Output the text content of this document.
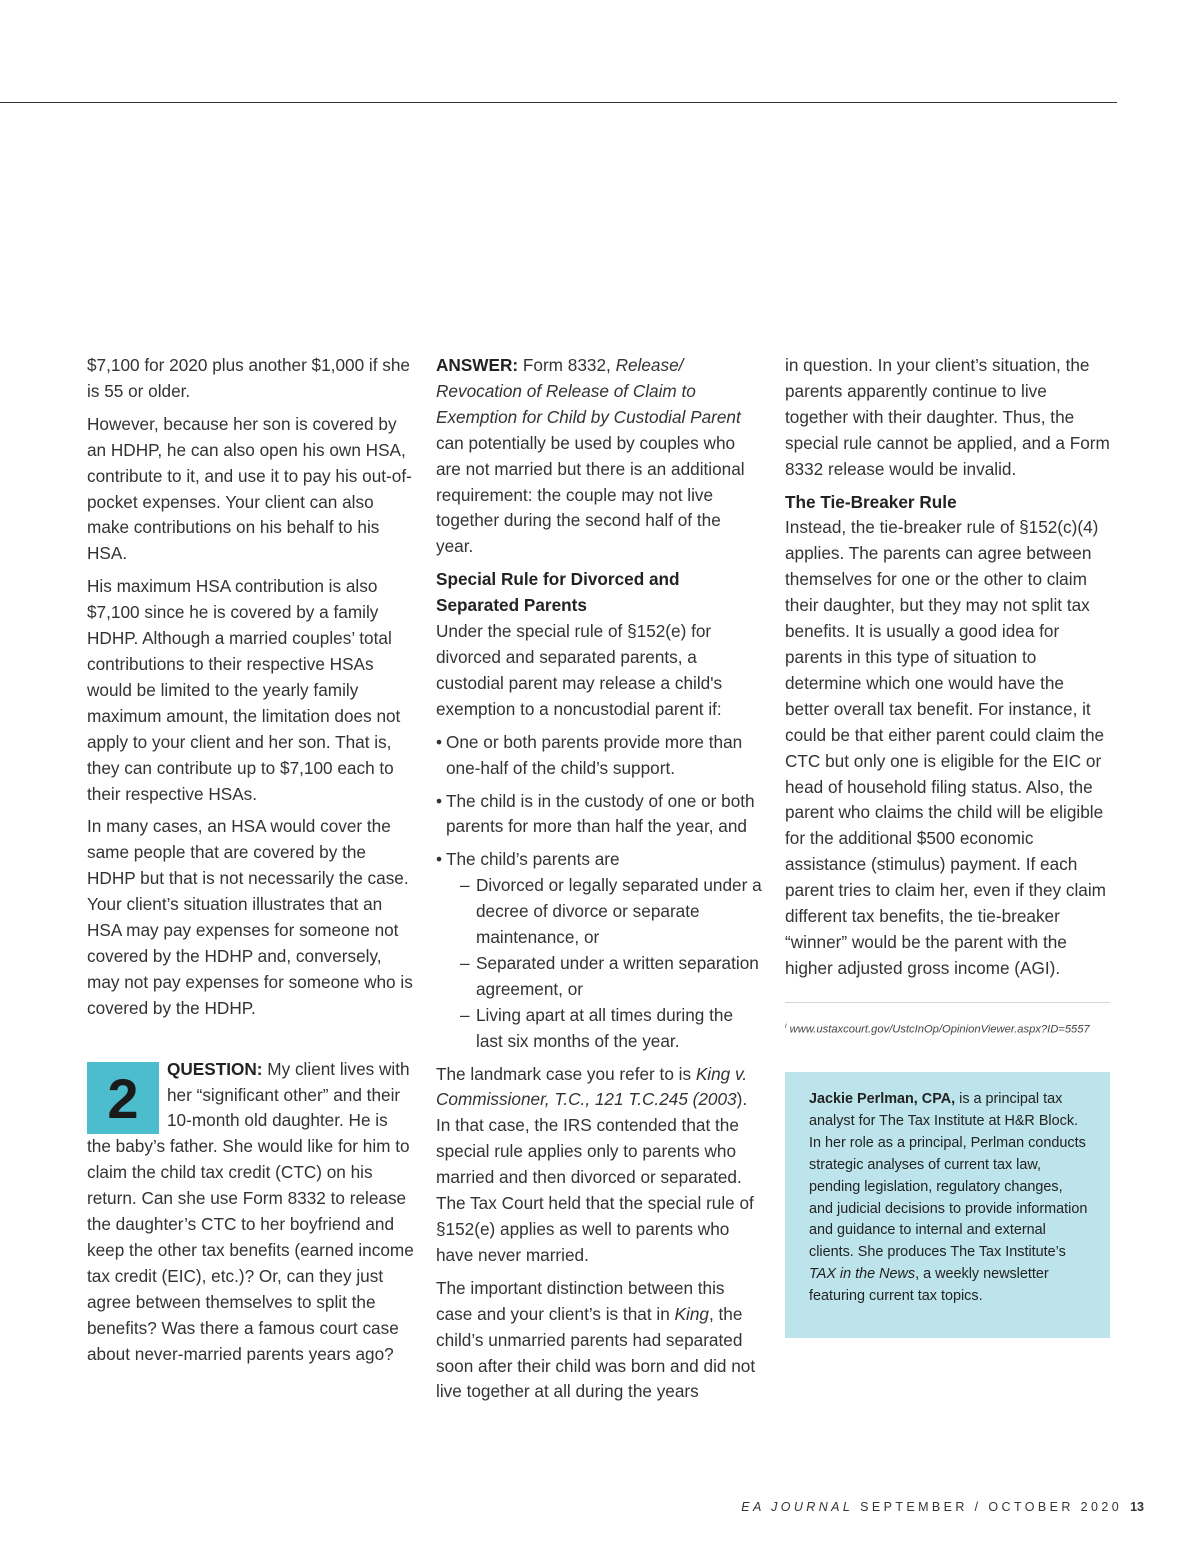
$7,100 for 2020 plus another $1,000 if she is 55 or older.

However, because her son is covered by an HDHP, he can also open his own HSA, contribute to it, and use it to pay his out-of-pocket expenses. Your client can also make contributions on his behalf to his HSA.

His maximum HSA contribution is also $7,100 since he is covered by a family HDHP. Although a married couples’ total contributions to their respective HSAs would be limited to the yearly family maximum amount, the limitation does not apply to your client and her son. That is, they can contribute up to $7,100 each to their respective HSAs.

In many cases, an HSA would cover the same people that are covered by the HDHP but that is not necessarily the case. Your client’s situation illustrates that an HSA may pay expenses for someone not covered by the HDHP and, conversely, may not pay expenses for someone who is covered by the HDHP.

2	QUESTION: My client lives with her “significant other” and their 10-month old daughter. He is the baby’s father. She would like for him to claim the child tax credit (CTC) on his return. Can she use Form 8332 to release the daughter’s CTC to her boyfriend and keep the other tax benefits (earned income tax credit (EIC), etc.)? Or, can they just agree between themselves to split the benefits? Was there a famous court case about never-married parents years ago?

ANSWER: Form 8332, Release/ Revocation of Release of Claim to Exemption for Child by Custodial Parent can potentially be used by couples who are not married but there is an additional requirement: the couple may not live together during the second half of the year.

Special Rule for Divorced and Separated Parents

Under the special rule of §152(e) for divorced and separated parents, a custodial parent may release a child's exemption to a noncustodial parent if:

• One or both parents provide more than one-half of the child’s support.
• The child is in the custody of one or both parents for more than half the year, and
• The child’s parents are
– Divorced or legally separated under a decree of divorce or separate maintenance, or
– Separated under a written separation agreement, or
– Living apart at all times during the last six months of the year.

The landmark case you refer to is King v. Commissioner, T.C., 121 T.C.245 (2003). In that case, the IRS contended that the special rule applies only to parents who married and then divorced or separated. The Tax Court held that the special rule of §152(e) applies as well to parents who have never married.

The important distinction between this case and your client’s is that in King, the child’s unmarried parents had separated soon after their child was born and did not live together at all during the years

in question. In your client’s situation, the parents apparently continue to live together with their daughter. Thus, the special rule cannot be applied, and a Form 8332 release would be invalid.

The Tie-Breaker Rule

Instead, the tie-breaker rule of §152(c)(4) applies. The parents can agree between themselves for one or the other to claim their daughter, but they may not split tax benefits. It is usually a good idea for parents in this type of situation to determine which one would have the better overall tax benefit. For instance, it could be that either parent could claim the CTC but only one is eligible for the EIC or head of household filing status. Also, the parent who claims the child will be eligible for the additional $500 economic assistance (stimulus) payment. If each parent tries to claim her, even if they claim different tax benefits, the tie-breaker “winner” would be the parent with the higher adjusted gross income (AGI).

$^i$ www.ustaxcourt.gov/UstcInOp/OpinionViewer.aspx?ID=5557

Jackie Perlman, CPA, is a principal tax analyst for The Tax Institute at H&R Block. In her role as a principal, Perlman conducts strategic analyses of current tax law, pending legislation, regulatory changes, and judicial decisions to provide information and guidance to internal and external clients. She produces The Tax Institute’s TAX in the News, a weekly newsletter featuring current tax topics.
EA JOURNAL SEPTEMBER / OCTOBER 2020 13
